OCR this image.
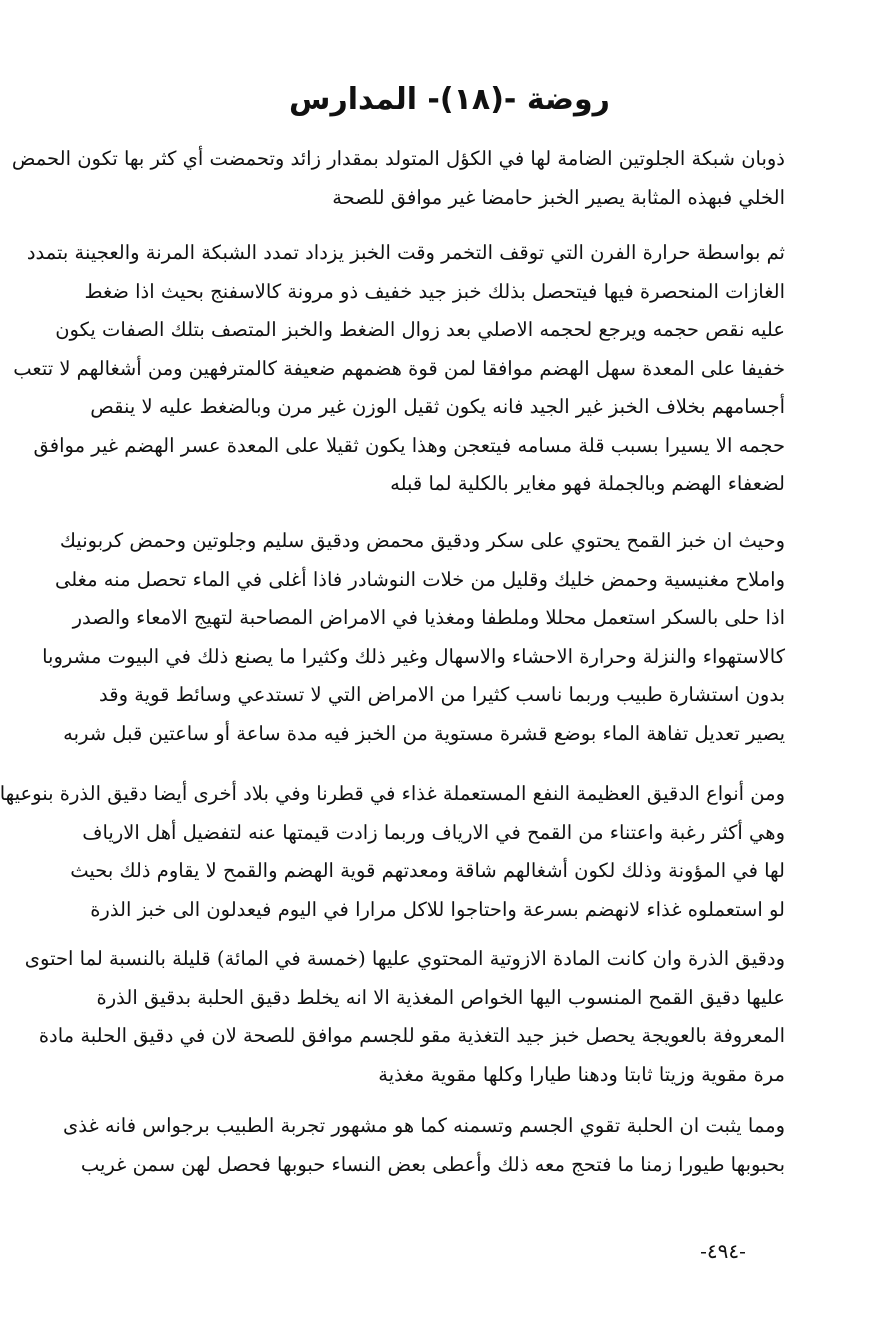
روضة -(١٨)- المدارس
ذوبان شبكة الجلوتين الضامة لها في الكؤل المتولد بمقدار زائد وتحمضت أي كثر بها تكون الحمض
الخلي فبهذه المثابة يصير الخبز حامضا غير موافق للصحة
ثم بواسطة حرارة الفرن التي توقف التخمر وقت الخبز يزداد تمدد الشبكة المرنة والعجينة بتمدد
الغازات المنحصرة فيها فيتحصل بذلك خبز جيد خفيف ذو مرونة كالاسفنج بحيث اذا ضغط
عليه نقص حجمه ويرجع لحجمه الاصلي بعد زوال الضغط والخبز المتصف بتلك الصفات يكون
خفيفا على المعدة سهل الهضم موافقا لمن قوة هضمهم ضعيفة كالمترفهين ومن أشغالهم لا تتعب
أجسامهم بخلاف الخبز غير الجيد فانه يكون ثقيل الوزن غير مرن وبالضغط عليه لا ينقص
حجمه الا يسيرا بسبب قلة مسامه فيتعجن وهذا يكون ثقيلا على المعدة عسر الهضم غير موافق
لضعفاء الهضم وبالجملة فهو مغاير بالكلية لما قبله
وحيث ان خبز القمح يحتوي على سكر ودقيق محمض ودقيق سليم وجلوتين وحمض كربونيك
واملاح مغنيسية وحمض خليك وقليل من خلات النوشادر فاذا أغلى في الماء تحصل منه مغلى
اذا حلى بالسكر استعمل محللا وملطفا ومغذيا في الامراض المصاحبة لتهيج الامعاء والصدر
كالاستهواء والنزلة وحرارة الاحشاء والاسهال وغير ذلك وكثيرا ما يصنع ذلك في البيوت مشروبا
بدون استشارة طبيب وربما ناسب كثيرا من الامراض التي لا تستدعي وسائط قوية وقد
يصير تعديل تفاهة الماء بوضع قشرة مستوية من الخبز فيه مدة ساعة أو ساعتين قبل شربه
ومن أنواع الدقيق العظيمة النفع المستعملة غذاء في قطرنا وفي بلاد أخرى أيضا دقيق الذرة بنوعيها
وهي أكثر رغبة واعتناء من القمح في الارياف وربما زادت قيمتها عنه لتفضيل أهل الارياف
لها في المؤونة وذلك لكون أشغالهم شاقة ومعدتهم قوية الهضم والقمح لا يقاوم ذلك بحيث
لو استعملوه غذاء لانهضم بسرعة واحتاجوا للاكل مرارا في اليوم فيعدلون الى خبز الذرة
ودقيق الذرة وان كانت المادة الازوتية المحتوي عليها (خمسة في المائة) قليلة بالنسبة لما احتوى
عليها دقيق القمح المنسوب اليها الخواص المغذية الا انه يخلط دقيق الحلبة بدقيق الذرة
المعروفة بالعويجة يحصل خبز جيد التغذية مقو للجسم موافق للصحة لان في دقيق الحلبة مادة
مرة مقوية وزيتا ثابتا ودهنا طيارا وكلها مقوية مغذية
ومما يثبت ان الحلبة تقوي الجسم وتسمنه كما هو مشهور تجربة الطبيب برجواس فانه غذى
بحبوبها طيورا زمنا ما فتحج معه ذلك وأعطى بعض النساء حبوبها فحصل لهن سمن غريب
-٤٩٤-
